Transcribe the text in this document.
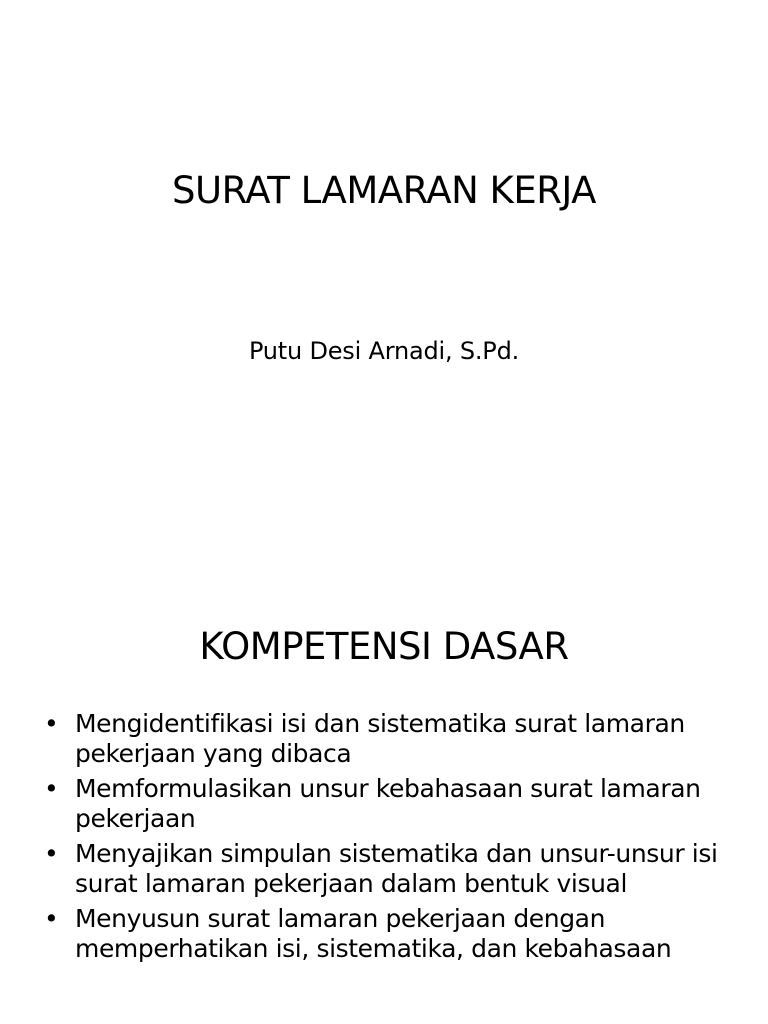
SURAT LAMARAN KERJA
Putu Desi Arnadi, S.Pd.
KOMPETENSI DASAR
• Mengidentifikasi isi dan sistematika surat lamaran pekerjaan yang dibaca
• Memformulasikan unsur kebahasaan surat lamaran pekerjaan
• Menyajikan simpulan sistematika dan unsur-unsur isi surat lamaran pekerjaan dalam bentuk visual
• Menyusun surat lamaran pekerjaan dengan memperhatikan isi, sistematika, dan kebahasaan
